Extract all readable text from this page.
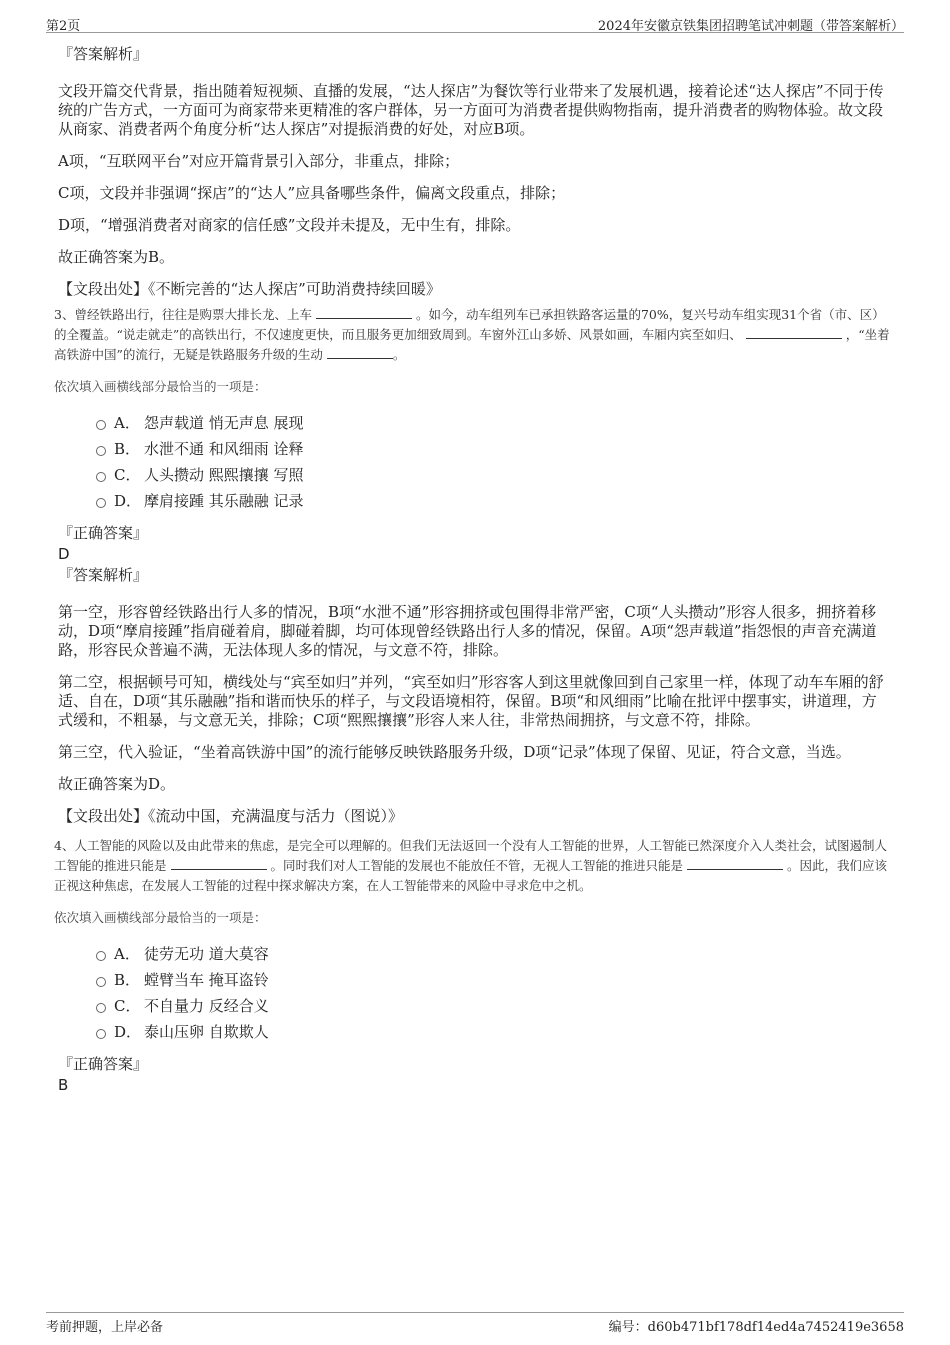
第2页	2024年安徽京铁集团招聘笔试冲刺题（带答案解析）
『答案解析』

文段开篇交代背景，指出随着短视频、直播的发展，“达人探店”为餐饮等行业带来了发展机遇，接着论述“达人探店”不同于传统的广告方式，一方面可为商家带来更精准的客户群体，另一方面可为消费者提供购物指南，提升消费者的购物体验。故文段从商家、消费者两个角度分析“达人探店”对提振消费的好处，对应B项。

A项，“互联网平台”对应开篇背景引入部分，非重点，排除；

C项，文段并非强调“探店”的“达人”应具备哪些条件，偏离文段重点，排除；

D项，“增强消费者对商家的信任感”文段并未提及，无中生有，排除。

故正确答案为B。

【文段出处】《不断完善的“达人探店”可助消费持续回暖》
3、曾经铁路出行，往往是购票大排长龙、上车	。如今，动车组列车已承担铁路客运量的70%，复兴号动车组实现31个省（市、区）的全覆盖。“说走就走”的高铁出行，不仅速度更快，而且服务更加细致周到。车窗外江山多娇、风景如画，车厢内宾至如归、	，“坐着高铁游中国”的流行，无疑是铁路服务升级的生动	。
依次填入画横线部分最恰当的一项是：
A． 怨声载道 悄无声息 展现
B． 水泄不通 和风细雨 诠释
C． 人头攒动 熙熙攘攘 写照
D． 摩肩接踵 其乐融融 记录
『正确答案』
D
『答案解析』

第一空，形容曾经铁路出行人多的情况，B项“水泄不通”形容拥挤或包围得非常严密，C项“人头攒动”形容人很多，拥挤着移动，D项“摩肩接踵”指肩碰着肩，脚碰着脚，均可体现曾经铁路出行人多的情况，保留。A项“怨声载道”指怨恨的声音充满道路，形容民众普遍不满，无法体现人多的情况，与文意不符，排除。

第二空，根据顿号可知，横线处与“宾至如归”并列，“宾至如归”形容客人到这里就像回到自己家里一样，体现了动车车厢的舒适、自在，D项“其乐融融”指和谐而快乐的样子，与文段语境相符，保留。B项“和风细雨”比喻在批评中摆事实，讲道理，方式缓和，不粗暴，与文意无关，排除；C项“熙熙攘攘”形容人来人往，非常热闹拥挤，与文意不符，排除。

第三空，代入验证，“坐着高铁游中国”的流行能够反映铁路服务升级，D项“记录”体现了保留、见证，符合文意，当选。

故正确答案为D。

【文段出处】《流动中国，充满温度与活力（图说）》
4、人工智能的风险以及由此带来的焦虑，是完全可以理解的。但我们无法返回一个没有人工智能的世界，人工智能已然深度介入人类社会，试图遏制人工智能的推进只能是	。同时我们对人工智能的发展也不能放任不管，无视人工智能的推进只能是	。因此，我们应该正视这种焦虑，在发展人工智能的过程中探求解决方案，在人工智能带来的风险中寻求危中之机。
依次填入画横线部分最恰当的一项是：
A． 徒劳无功 道大莫容
B． 螳臂当车 掩耳盗铃
C． 不自量力 反经合义
D． 泰山压卵 自欺欺人
『正确答案』
B
考前押题，上岸必备	编号：d60b471bf178df14ed4a7452419e3658
